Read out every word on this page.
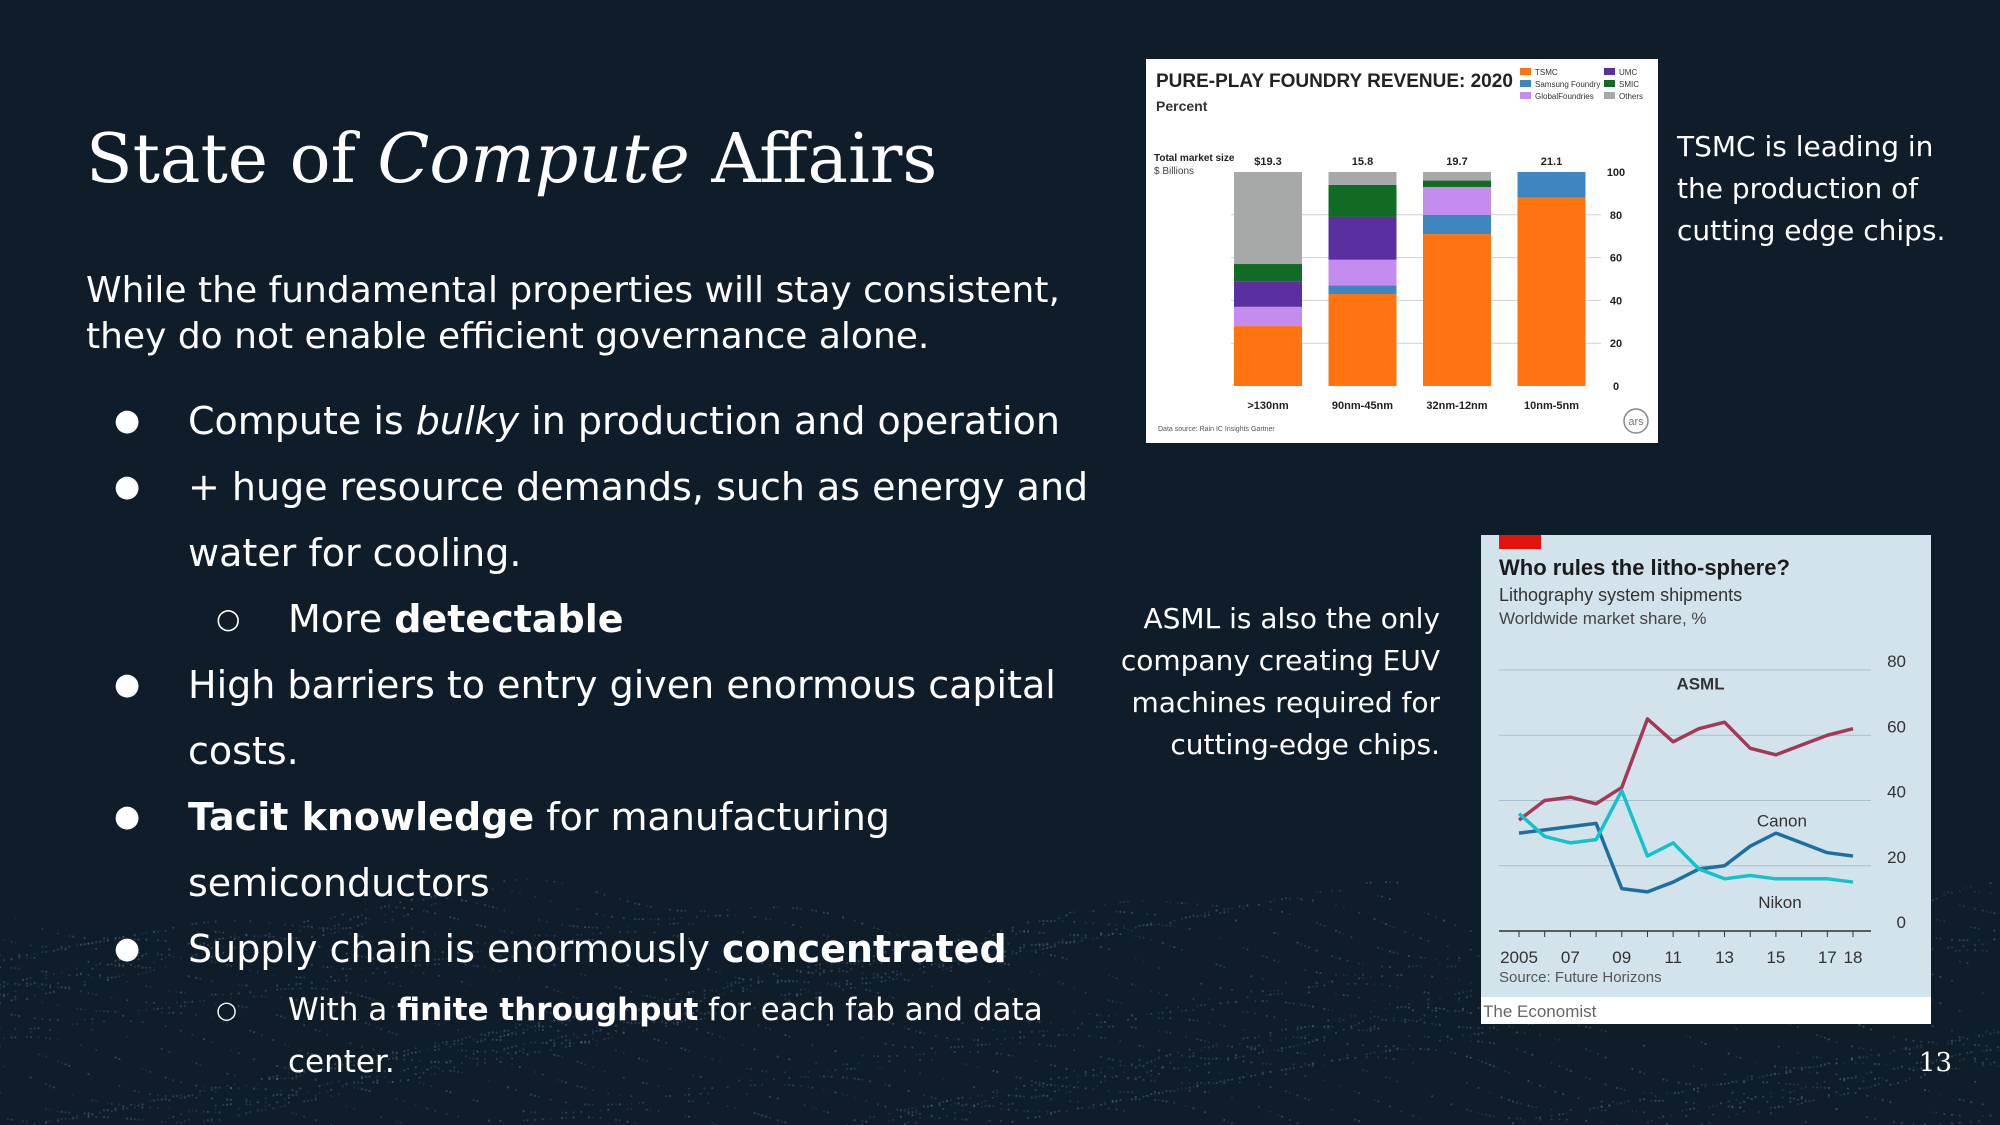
State of Compute Affairs
While the fundamental properties will stay consistent, they do not enable efficient governance alone.
● Compute is bulky in production and operation
● + huge resource demands, such as energy and water for cooling.
○ More detectable
● High barriers to entry given enormous capital costs.
● Tacit knowledge for manufacturing semiconductors
● Supply chain is enormously concentrated
○ With a finite throughput for each fab and data center.
PURE-PLAY FOUNDRY REVENUE: 2020
Percent
Total market size
$ Billions
TSMC
Samsung Foundry
GlobalFoundries
UMC
SMIC
Others
0
20
40
60
80
100
$19.3
>130nm
15.8
90nm-45nm
19.7
32nm-12nm
21.1
10nm-5nm
Data source: Rain IC Insights Gartner
ars
TSMC is leading in the production of cutting edge chips.
ASML is also the only company creating EUV machines required for cutting-edge chips.
Who rules the litho-sphere?
Lithography system shipments
Worldwide market share, %
0
20
40
60
80
2005 07 09 11 13 15 17 18
ASML
Canon
Nikon
Source: Future Horizons
The Economist
13
